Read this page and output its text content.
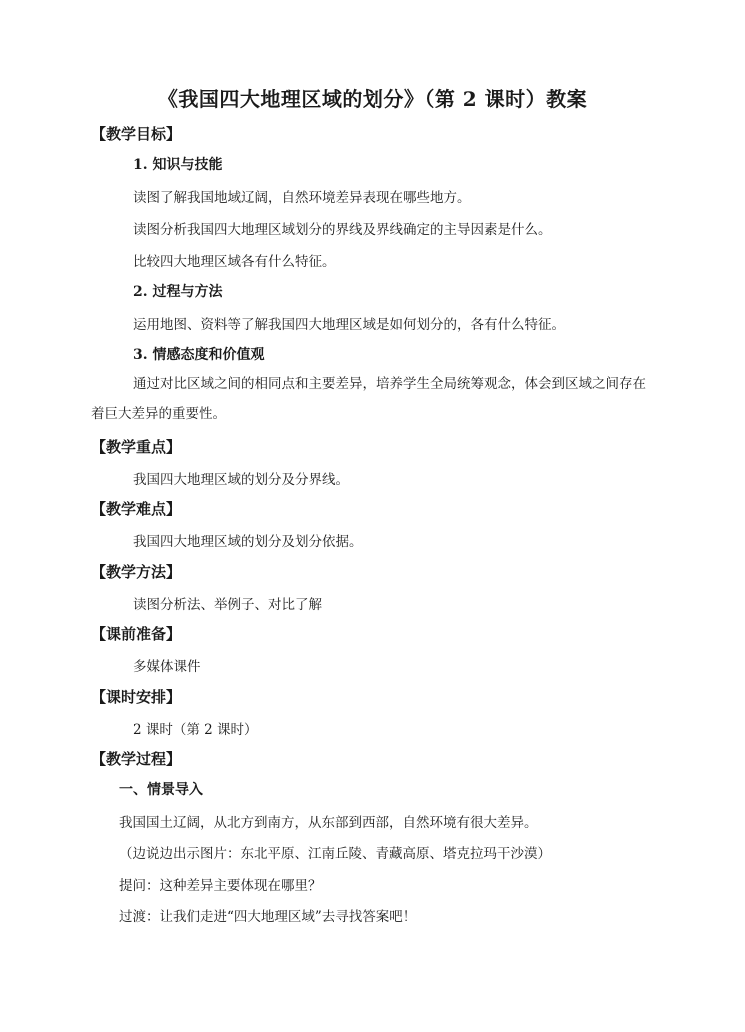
《我国四大地理区域的划分》（第 2 课时）教案
【教学目标】
1. 知识与技能
读图了解我国地域辽阔，自然环境差异表现在哪些地方。
读图分析我国四大地理区域划分的界线及界线确定的主导因素是什么。
比较四大地理区域各有什么特征。
2. 过程与方法
运用地图、资料等了解我国四大地理区域是如何划分的，各有什么特征。
3. 情感态度和价值观
通过对比区域之间的相同点和主要差异，培养学生全局统筹观念，体会到区域之间存在着巨大差异的重要性。
【教学重点】
我国四大地理区域的划分及分界线。
【教学难点】
我国四大地理区域的划分及划分依据。
【教学方法】
读图分析法、举例子、对比了解
【课前准备】
多媒体课件
【课时安排】
2 课时（第 2 课时）
【教学过程】
一、情景导入
我国国土辽阔，从北方到南方，从东部到西部，自然环境有很大差异。
（边说边出示图片：东北平原、江南丘陵、青藏高原、塔克拉玛干沙漠）
提问：这种差异主要体现在哪里？
过渡：让我们走进“四大地理区域”去寻找答案吧！
